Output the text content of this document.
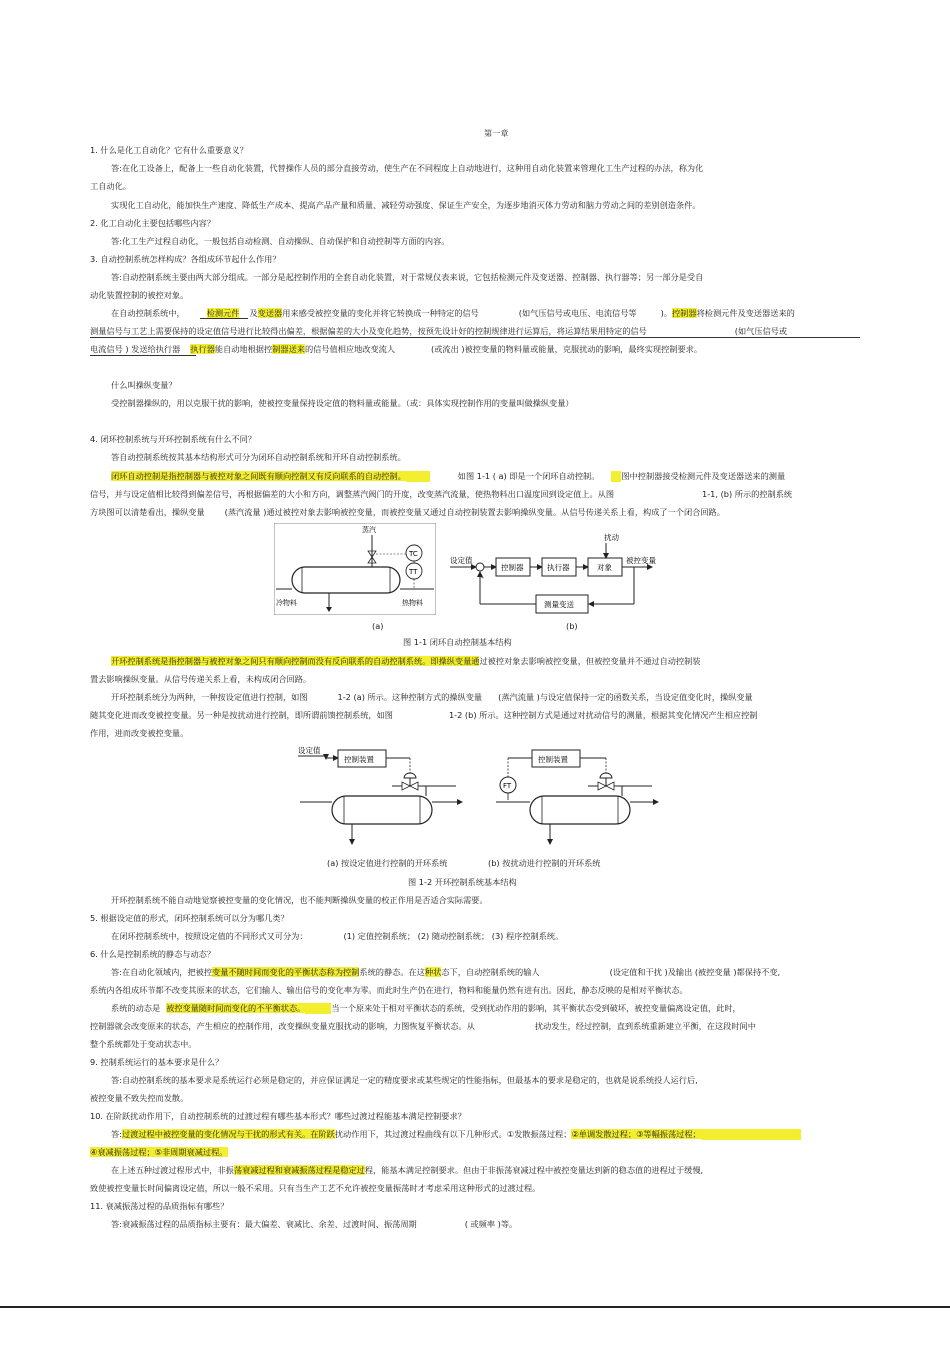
第一章
1. 什么是化工自动化？它有什么重要意义？
答:在化工设备上，配备上一些自动化装置，代替操作人员的部分直接劳动，使生产在不同程度上自动地进行，这种用自动化装置来管理化工生产过程的办法，称为化
工自动化。
实现化工自动化，能加快生产速度、降低生产成本、提高产品产量和质量、减轻劳动强度、保证生产安全，为逐步地消灭体力劳动和脑力劳动之间的差别创造条件。
2. 化工自动化主要包括哪些内容？
答:化工生产过程自动化，一般包括自动检测、自动操纵、自动保护和自动控制等方面的内容。
3. 自动控制系统怎样构成？各组成环节起什么作用？
答:自动控制系统主要由两大部分组成。一部分是起控制作用的全套自动化装置，对于常规仪表来说，它包括检测元件及变送器、控制器、执行器等；另一部分是受自
动化装置控制的被控对象。
在自动控制系统中，	检测元件 及变送器用来感受被控变量的变化并将它转换成一种特定的信号	(如气压信号或电压、电流信号等	)。控制器将检测元件及变送器送来的
测量信号与工艺上需要保持的设定值信号进行比较得出偏差，根据偏差的大小及变化趋势，按预先设计好的控制规律进行运算后，将运算结果用特定的信号	(如气压信号或
电流信号 ) 发送给执行器 执行器能自动地根据控制器送来的信号值相应地改变流人	(或流出 )被控变量的物料量或能量，克服扰动的影响，最终实现控制要求。
什么叫操纵变量？
受控制器操纵的，用以克服干扰的影响，使被控变量保持设定值的物料量或能量。（或：具体实现控制作用的变量叫做操纵变量）
4. 闭环控制系统与开环控制系统有什么不同？
答自动控制系统按其基本结构形式可分为闭环自动控制系统和开环自动控制系统。
闭环自动控制是指控制器与被控对象之间既有顺向控制又有反向联系的自动控制。	如图 1-1 ( a) 即是一个闭环自动控制。	图中控制器接受检测元件及变送器送来的测量
信号，并与设定值相比较得到偏差信号，再根据偏差的大小和方向，调整蒸汽阀门的开度，改变蒸汽流量，使热物料出口温度回到设定值上。从图	1-1, (b) 所示的控制系统
方块图可以清楚看出，操纵变量 (蒸汽流量 )通过被控对象去影响被控变量，而被控变量又通过自动控制装置去影响操纵变量。从信号传递关系上看，构成了一个闭合回路。
蒸汽
TC
TT
冷物料	热物料
设定值
-
控制器	执行器	对象
扰动
被控变量
测量变送
(a)	(b)
图 1-1 闭环自动控制基本结构
开环控制系统是指控制器与被控对象之间只有顺向控制而没有反向联系的自动控制系统。即操纵变量通过被控对象去影响被控变量，但被控变量并不通过自动控制装
置去影响操纵变量。从信号传递关系上看，未构成闭合回路。
开环控制系统分为两种，一种按设定值进行控制，如图	1-2 (a) 所示。这种控制方式的操纵变量 (蒸汽流量 )与设定值保持一定的函数关系，当设定值变化时，操纵变量
随其变化进而改变被控变量。另一种是按扰动进行控制，即所谓前馈控制系统，如图	1-2 (b) 所示。这种控制方式是通过对扰动信号的测量，根据其变化情况产生相应控制
作用，进而改变被控变量。
设定值
控制装置	控制装置
FT
(a) 按设定值进行控制的开环系统	(b) 按扰动进行控制的开环系统
图 1-2 开环控制系统基本结构
开环控制系统不能自动地觉察被控变量的变化情况，也不能判断操纵变量的校正作用是否适合实际需要。
5. 根据设定值的形式，闭环控制系统可以分为哪几类？
在闭环控制系统中，按照设定值的不同形式又可分为：	(1) 定值控制系统； (2) 随动控制系统； (3) 程序控制系统。
6. 什么是控制系统的静态与动态？
答:在自动化领域内，把被控变量不随时间而变化的平衡状态称为控制系统的静态。在这种状态下，自动控制系统的输人	(设定值和干扰 )及输出 (被控变量 )都保持不变,
系统内各组成环节都不改变其原来的状态，它们输人、输出信号的变化率为零。而此时生产仍在进行，物料和能量仍然有进有出。因此，静态反映的是相对平衡状态。
系统的动态是 被控变量随时间而变化的不平衡状态。	当一个原来处于相对平衡状态的系统，受到扰动作用的影响，其平衡状态受到破坏，被控变量偏离设定值，此时，
控制器就会改变原来的状态，产生相应的控制作用，改变操纵变量克服扰动的影响，力图恢复平衡状态。从	扰动发生，经过控制，直到系统重新建立平衡，在这段时间中
整个系统都处于变动状态中。
9. 控制系统运行的基本要求是什么？
答:自动控制系统的基本要求是系统运行必须是稳定的，并应保证满足一定的精度要求或某些规定的性能指标，但最基本的要求是稳定的，也就是说系统投人运行后,
被控变量不致失控而发散。
10. 在阶跃扰动作用下，自动控制系统的过渡过程有哪些基本形式？哪些过渡过程能基本满足控制要求？
答:过渡过程中被控变量的变化情况与干扰的形式有关。在阶跃扰动作用下，其过渡过程曲线有以下几种形式。①发散振荡过程；②单调发散过程；③等幅振荡过程；
④衰减振荡过程；⑤非周期衰减过程。
在上述五种过渡过程形式中，非振荡衰减过程和衰减振荡过程是稳定过程，能基本满足控制要求。但由于非振荡衰减过程中被控变量达到新的稳态值的进程过于缓慢,
致使被控变量长时间偏离设定值，所以一般不采用。只有当生产工艺不允许被控变量振荡时才考虑采用这种形式的过渡过程。
11. 衰减振荡过程的品质指标有哪些？
答:衰减振荡过程的品质指标主要有：最大偏差、衰减比、余差、过渡时间、振荡周期	( 或频率 )等。
